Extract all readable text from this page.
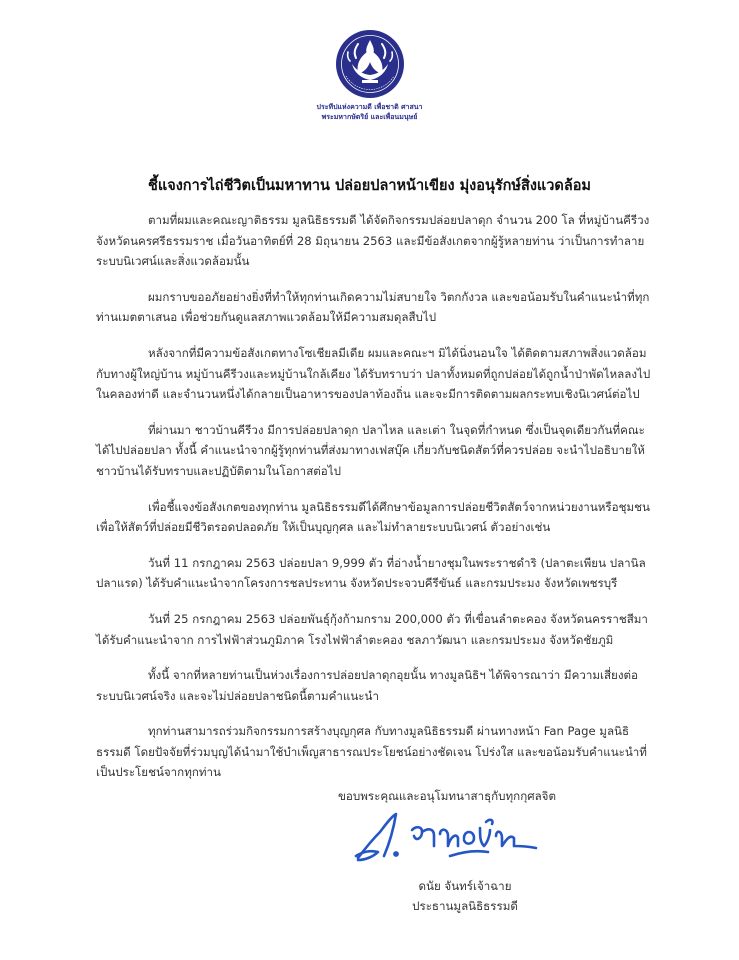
ประทีปแห่งความดี เพื่อชาติ ศาสนา
พระมหากษัตริย์ และเพื่อนมนุษย์
ชี้แจงการไถ่ชีวิตเป็นมหาทาน ปล่อยปลาหน้าเขียง มุ่งอนุรักษ์สิ่งแวดล้อม

ตามที่ผมและคณะญาติธรรม มูลนิธิธรรมดี ได้จัดกิจกรรมปล่อยปลาดุก จำนวน 200 โล ที่หมู่บ้านคีรีวง จังหวัดนครศรีธรรมราช เมื่อวันอาทิตย์ที่ 28 มิถุนายน 2563 และมีข้อสังเกตจากผู้รู้หลายท่าน ว่าเป็นการทำลายระบบนิเวศน์และสิ่งแวดล้อมนั้น

ผมกราบขออภัยอย่างยิ่งที่ทำให้ทุกท่านเกิดความไม่สบายใจ วิตกกังวล และขอน้อมรับในคำแนะนำที่ทุกท่านเมตตาเสนอ เพื่อช่วยกันดูแลสภาพแวดล้อมให้มีความสมดุลสืบไป

หลังจากที่มีความข้อสังเกตทางโซเชียลมีเดีย ผมและคณะฯ มิได้นิ่งนอนใจ ได้ติดตามสภาพสิ่งแวดล้อมกับทางผู้ใหญ่บ้าน หมู่บ้านคีรีวงและหมู่บ้านใกล้เคียง ได้รับทราบว่า ปลาทั้งหมดที่ถูกปล่อยได้ถูกน้ำป่าพัดไหลลงไปในคลองท่าดี และจำนวนหนึ่งได้กลายเป็นอาหารของปลาท้องถิ่น และจะมีการติดตามผลกระทบเชิงนิเวศน์ต่อไป

ที่ผ่านมา ชาวบ้านคีรีวง มีการปล่อยปลาดุก ปลาไหล และเต่า ในจุดที่กำหนด ซึ่งเป็นจุดเดียวกันที่คณะได้ไปปล่อยปลา ทั้งนี้ คำแนะนำจากผู้รู้ทุกท่านที่ส่งมาทางเฟสบุ๊ค เกี่ยวกับชนิดสัตว์ที่ควรปล่อย จะนำไปอธิบายให้ชาวบ้านได้รับทราบและปฏิบัติตามในโอกาสต่อไป

เพื่อชี้แจงข้อสังเกตของทุกท่าน มูลนิธิธรรมดีได้ศึกษาข้อมูลการปล่อยชีวิตสัตว์จากหน่วยงานหรือชุมชน เพื่อให้สัตว์ที่ปล่อยมีชีวิตรอดปลอดภัย ให้เป็นบุญกุศล และไม่ทำลายระบบนิเวศน์ ตัวอย่างเช่น

วันที่ 11 กรกฎาคม 2563 ปล่อยปลา 9,999 ตัว ที่อ่างน้ำยางชุมในพระราชดำริ (ปลาตะเพียน ปลานิล ปลาแรด) ได้รับคำแนะนำจากโครงการชลประทาน จังหวัดประจวบคีรีขันธ์ และกรมประมง จังหวัดเพชรบุรี

วันที่ 25 กรกฎาคม 2563 ปล่อยพันธุ์กุ้งก้ามกราม 200,000 ตัว ที่เขื่อนลำตะคอง จังหวัดนครราชสีมา ได้รับคำแนะนำจาก การไฟฟ้าส่วนภูมิภาค โรงไฟฟ้าลำตะคอง ชลภาวัฒนา และกรมประมง จังหวัดชัยภูมิ

ทั้งนี้ จากที่หลายท่านเป็นห่วงเรื่องการปล่อยปลาดุกอุยนั้น ทางมูลนิธิฯ ได้พิจารณาว่า มีความเสี่ยงต่อระบบนิเวศน์จริง และจะไม่ปล่อยปลาชนิดนี้ตามคำแนะนำ

ทุกท่านสามารถร่วมกิจกรรมการสร้างบุญกุศล กับทางมูลนิธิธรรมดี ผ่านทางหน้า Fan Page มูลนิธิธรรมดี โดยปัจจัยที่ร่วมบุญได้นำมาใช้บำเพ็ญสาธารณประโยชน์อย่างชัดเจน โปร่งใส และขอน้อมรับคำแนะนำที่เป็นประโยชน์จากทุกท่าน

ขอบพระคุณและอนุโมทนาสาธุกับทุกกุศลจิต
ดนัย จันทร์เจ้าฉาย
ประธานมูลนิธิธรรมดี
